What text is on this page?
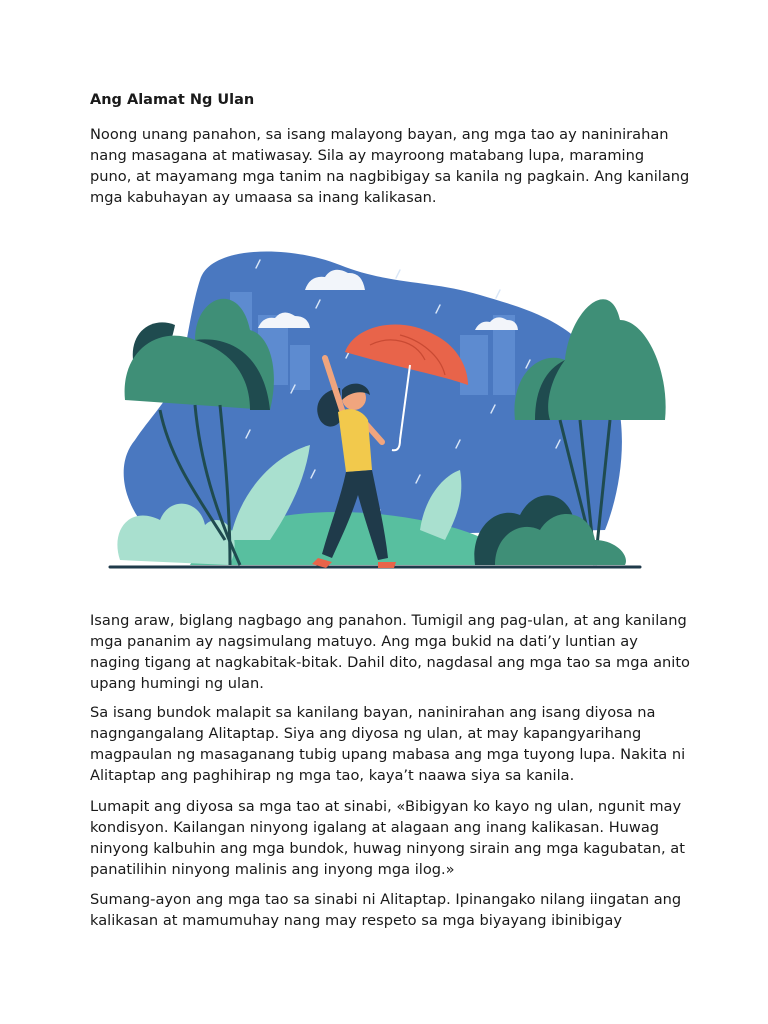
Ang Alamat Ng Ulan

Noong unang panahon, sa isang malayong bayan, ang mga tao ay naninirahan nang masagana at matiwasay. Sila ay mayroong matabang lupa, maraming puno, at mayamang mga tanim na nagbibigay sa kanila ng pagkain. Ang kanilang mga kabuhayan ay umaasa sa inang kalikasan.

Isang araw, biglang nagbago ang panahon. Tumigil ang pag-ulan, at ang kanilang mga pananim ay nagsimulang matuyo. Ang mga bukid na dati’y luntian ay naging tigang at nagkabitak-bitak. Dahil dito, nagdasal ang mga tao sa mga anito upang humingi ng ulan.

Sa isang bundok malapit sa kanilang bayan, naninirahan ang isang diyosa na nagngangalang Alitaptap. Siya ang diyosa ng ulan, at may kapangyarihang magpaulan ng masaganang tubig upang mabasa ang mga tuyong lupa. Nakita ni Alitaptap ang paghihirap ng mga tao, kaya’t naawa siya sa kanila.

Lumapit ang diyosa sa mga tao at sinabi, «Bibigyan ko kayo ng ulan, ngunit may kondisyon. Kailangan ninyong igalang at alagaan ang inang kalikasan. Huwag ninyong kalbuhin ang mga bundok, huwag ninyong sirain ang mga kagubatan, at panatilihin ninyong malinis ang inyong mga ilog.»

Sumang-ayon ang mga tao sa sinabi ni Alitaptap. Ipinangako nilang iingatan ang kalikasan at mamumuhay nang may respeto sa mga biyayang ibinibigay
